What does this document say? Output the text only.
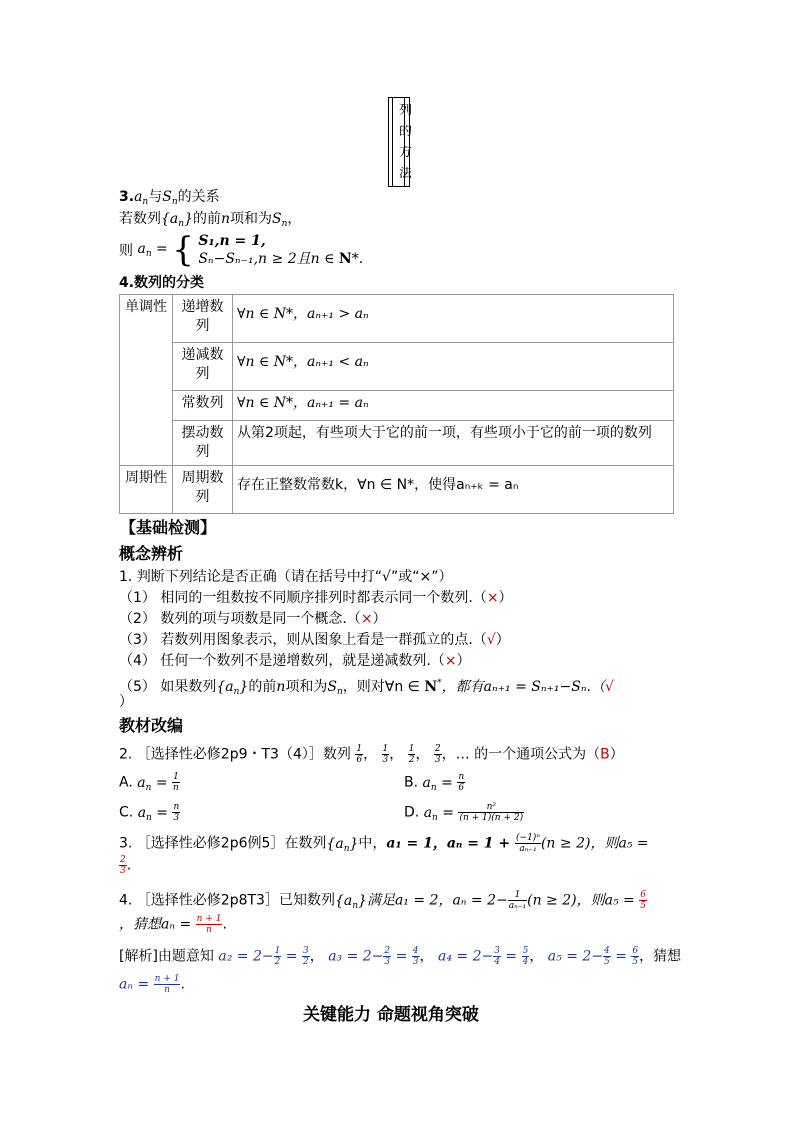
列
的
方
法
$3.a_n$与$S_n$的关系
若数列$\{a_n\}$的前n项和为$S_n$，
则 $a_n$ = { S₁,n = 1,
Sₙ−Sₙ₋₁,n ≥ 2且n ∈ N*.
4.数列的分类
单调性	递增数列	∀n ∈ N*，aₙ₊₁ > aₙ
	递减数列	∀n ∈ N*，aₙ₊₁ < aₙ
	常数列	∀n ∈ N*，aₙ₊₁ = aₙ
	摆动数列	从第2项起，有些项大于它的前一项，有些项小于它的前一项的数列
周期性	周期数列	存在正整数常数k，∀n ∈ N*，使得aₙ₊ₖ = aₙ
【基础检测】
概念辨析
1. 判断下列结论是否正确（请在括号中打“√”或“×”）
（1） 相同的一组数按不同顺序排列时都表示同一个数列.（×）
（2） 数列的项与项数是同一个概念.（×）
（3） 若数列用图象表示，则从图象上看是一群孤立的点.（√）
（4） 任何一个数列不是递增数列，就是递减数列.（×）
（5） 如果数列$\{a_n\}$的前n项和为$S_n$，则对∀n ∈ N*，都有aₙ₊₁ = Sₙ₊₁−Sₙ.（√
）
教材改编
2. ［选择性必修2p9・T3（4）］数列 $\frac{1}{6}$ ， $\frac{1}{3}$ ， $\frac{1}{2}$ ， $\frac{2}{3}$ ，… 的一个通项公式为（B）
A. $a_n = \frac{1}{n}$	B. $a_n = \frac{n}{6}$
C. $a_n = \frac{n}{3}$	D. $a_n = \frac{\text{n²}}{(n + 1)(n + 2)}$
3. ［选择性必修2p6例5］在数列$\{a_n\}$中，a₁ = 1，$a_n = 1 + \frac{\text{(−1)ⁿ}}{\text{aₙ₋₁}} (n \ge 2)$，则a₅ =
$\frac{2}{3}$ .
4. ［选择性必修2p8T3］已知数列$\{a_n\}$满足a₁ = 2，$a_n = 2- \frac{1}{\text{aₙ₋₁}} (n \ge 2)$，则$a_5 = \frac{6}{5}$
，猜想$a_n = \frac{n + 1}{n}$ .
[解析]由题意知 $a_2 = 2- \frac{1}{2} = \frac{3}{2}$ ， $a_3 = 2- \frac{2}{3} = \frac{4}{3}$ ， $a_4 = 2- \frac{3}{4} = \frac{5}{4}$ ， $a_5 = 2- \frac{4}{5} = \frac{6}{5}$ ，猜想
$a_n = \frac{n + 1}{n}$ .
关键能力 命题视角突破
